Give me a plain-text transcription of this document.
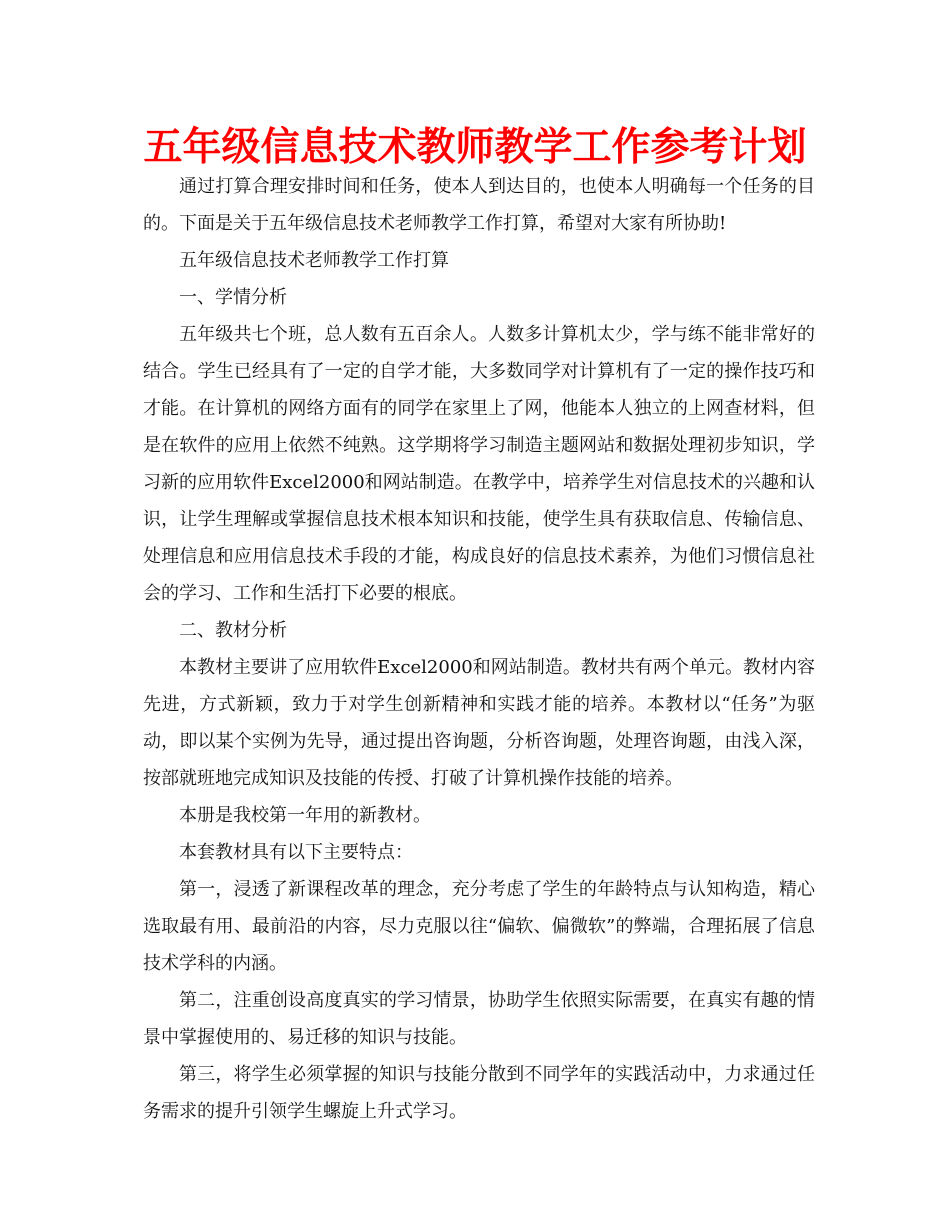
五年级信息技术教师教学工作参考计划

通过打算合理安排时间和任务，使本人到达目的，也使本人明确每一个任务的目的。下面是关于五年级信息技术老师教学工作打算，希望对大家有所协助!

五年级信息技术老师教学工作打算

一、学情分析

五年级共七个班，总人数有五百余人。人数多计算机太少，学与练不能非常好的结合。学生已经具有了一定的自学才能，大多数同学对计算机有了一定的操作技巧和才能。在计算机的网络方面有的同学在家里上了网，他能本人独立的上网查材料，但是在软件的应用上依然不纯熟。这学期将学习制造主题网站和数据处理初步知识，学习新的应用软件Excel2000和网站制造。在教学中，培养学生对信息技术的兴趣和认识，让学生理解或掌握信息技术根本知识和技能，使学生具有获取信息、传输信息、处理信息和应用信息技术手段的才能，构成良好的信息技术素养，为他们习惯信息社会的学习、工作和生活打下必要的根底。

二、教材分析

本教材主要讲了应用软件Excel2000和网站制造。教材共有两个单元。教材内容先进，方式新颖，致力于对学生创新精神和实践才能的培养。本教材以“任务”为驱动，即以某个实例为先导，通过提出咨询题，分析咨询题，处理咨询题，由浅入深，按部就班地完成知识及技能的传授、打破了计算机操作技能的培养。

本册是我校第一年用的新教材。

本套教材具有以下主要特点：

第一，浸透了新课程改革的理念，充分考虑了学生的年龄特点与认知构造，精心选取最有用、最前沿的内容，尽力克服以往“偏软、偏微软”的弊端，合理拓展了信息技术学科的内涵。

第二，注重创设高度真实的学习情景，协助学生依照实际需要，在真实有趣的情景中掌握使用的、易迁移的知识与技能。

第三，将学生必须掌握的知识与技能分散到不同学年的实践活动中，力求通过任务需求的提升引领学生螺旋上升式学习。
